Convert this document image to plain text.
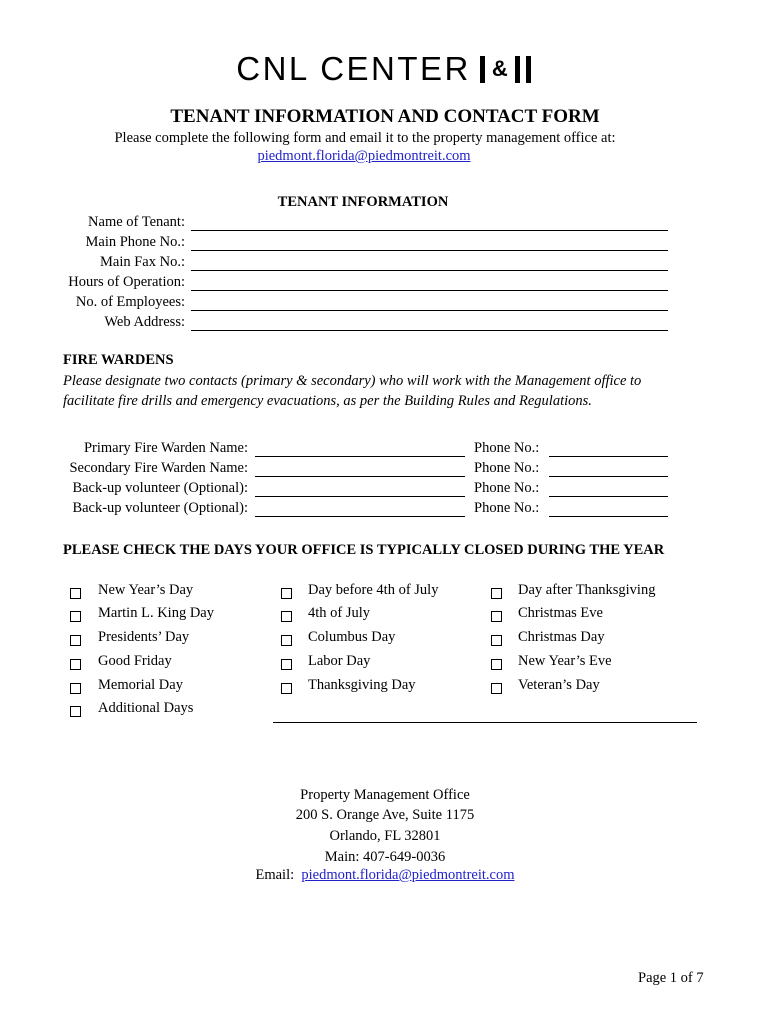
CNL CENTER &
TENANT INFORMATION AND CONTACT FORM
Please complete the following form and email it to the property management office at:
piedmont.florida@piedmontreit.com
TENANT INFORMATION
Name of Tenant:
Main Phone No.:
Main Fax No.:
Hours of Operation:
No. of Employees:
Web Address:
FIRE WARDENS
Please designate two contacts (primary & secondary) who will work with the Management office to
facilitate fire drills and emergency evacuations, as per the Building Rules and Regulations.
Primary Fire Warden Name:	Phone No.:
Secondary Fire Warden Name:	Phone No.:
Back-up volunteer (Optional):	Phone No.:
Back-up volunteer (Optional):	Phone No.:
PLEASE CHECK THE DAYS YOUR OFFICE IS TYPICALLY CLOSED DURING THE YEAR
New Year’s Day
Martin L. King Day
Presidents’ Day
Good Friday
Memorial Day
Additional Days
Day before 4th of July
4th of July
Columbus Day
Labor Day
Thanksgiving Day
Day after Thanksgiving
Christmas Eve
Christmas Day
New Year’s Eve
Veteran’s Day
Property Management Office
200 S. Orange Ave, Suite 1175
Orlando, FL 32801
Main: 407-649-0036
Email: piedmont.florida@piedmontreit.com
Page 1 of 7
